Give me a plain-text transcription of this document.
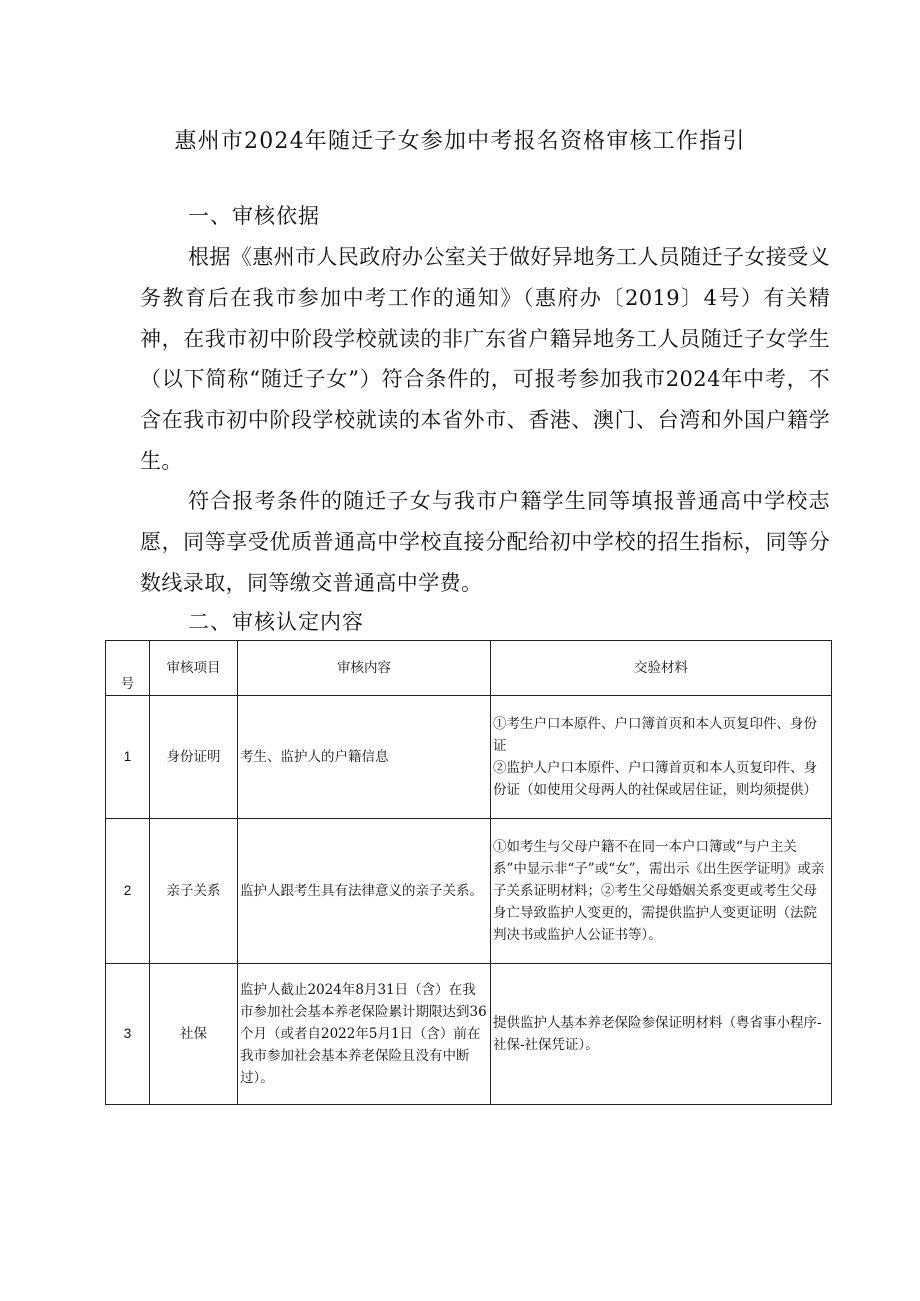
惠州市2024年随迁子女参加中考报名资格审核工作指引
一、审核依据

根据《惠州市人民政府办公室关于做好异地务工人员随迁子女接受义务教育后在我市参加中考工作的通知》（惠府办〔2019〕4号）有关精神，在我市初中阶段学校就读的非广东省户籍异地务工人员随迁子女学生（以下简称“随迁子女”）符合条件的，可报考参加我市2024年中考，不含在我市初中阶段学校就读的本省外市、香港、澳门、台湾和外国户籍学生。

符合报考条件的随迁子女与我市户籍学生同等填报普通高中学校志愿，同等享受优质普通高中学校直接分配给初中学校的招生指标，同等分数线录取，同等缴交普通高中学费。

二、审核认定内容
号	审核项目	审核内容	交验材料
1	身份证明	考生、监护人的户籍信息	①考生户口本原件、户口簿首页和本人页复印件、身份证
②监护人户口本原件、户口簿首页和本人页复印件、身份证（如使用父母两人的社保或居住证，则均须提供）
2	亲子关系	监护人跟考生具有法律意义的亲子关系。	①如考生与父母户籍不在同一本户口簿或“与户主关系”中显示非“子”或“女”，需出示《出生医学证明》或亲子关系证明材料；②考生父母婚姻关系变更或考生父母身亡导致监护人变更的，需提供监护人变更证明（法院判决书或监护人公证书等）。
3	社保	监护人截止2024年8月31日（含）在我市参加社会基本养老保险累计期限达到36个月（或者自2022年5月1日（含）前在我市参加社会基本养老保险且没有中断过）。	提供监护人基本养老保险参保证明材料（粤省事小程序-社保-社保凭证）。
